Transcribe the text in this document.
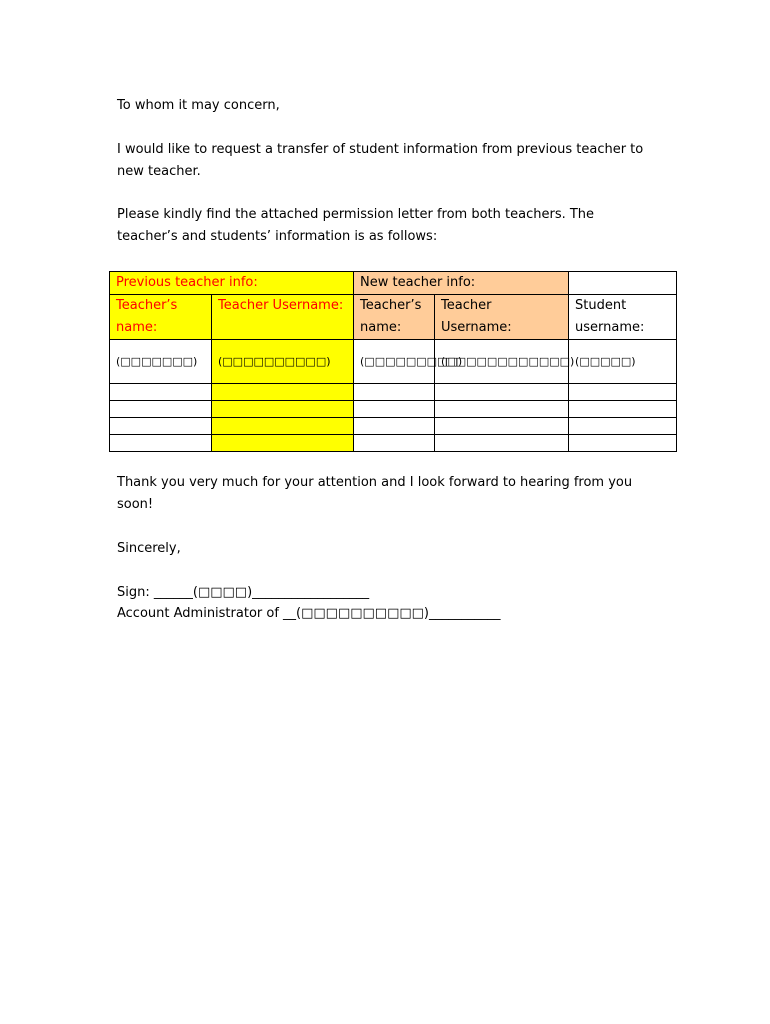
To whom it may concern,

I would like to request a transfer of student information from previous teacher to new teacher.

Please kindly find the attached permission letter from both teachers. The teacher’s and students’ information is as follows:

Previous teacher info:		New teacher info:		
Teacher’s name:	Teacher Username:	Teacher’s name:	Teacher Username:	Student username:
(□□□□□□□)	(□□□□□□□□□□)	(□□□□□□□□□)	(□□□□□□□□□□□□)	(□□□□□)

Thank you very much for your attention and I look forward to hearing from you soon!

Sincerely,

Sign: ______(□□□□)__________________

Account Administrator of __(□□□□□□□□□□)___________
